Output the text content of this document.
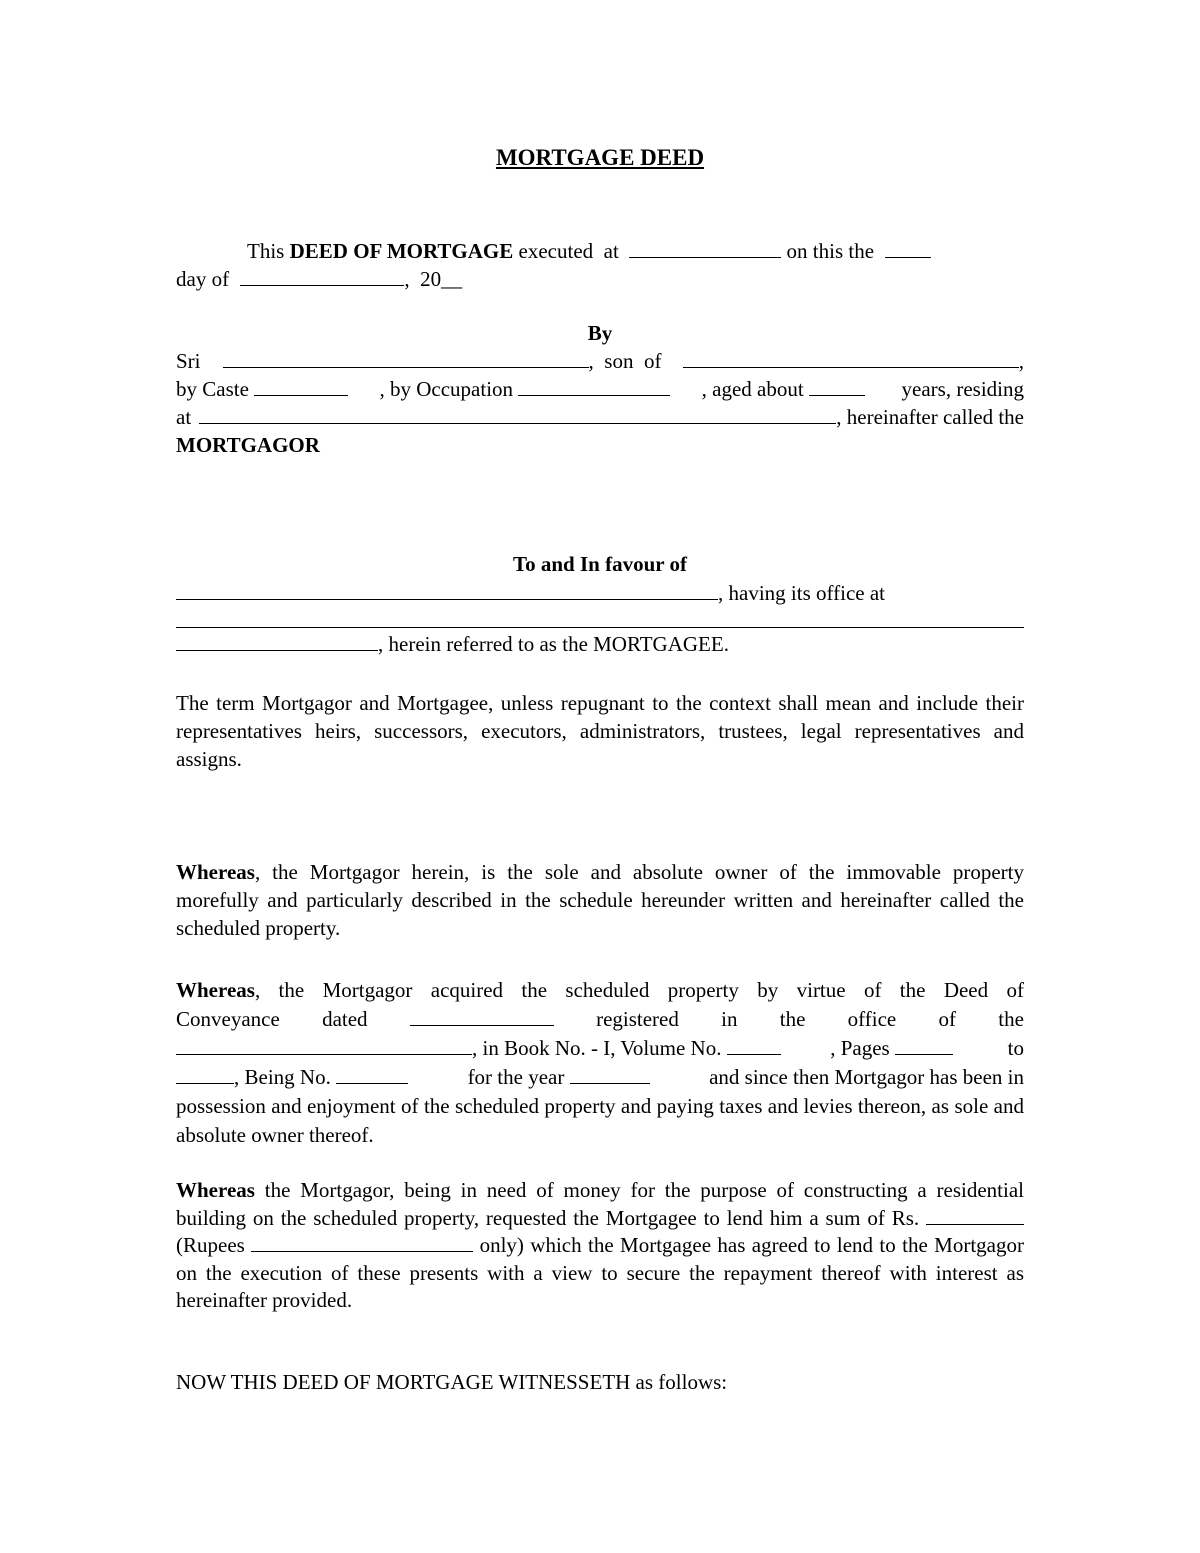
MORTGAGE DEED
This DEED OF MORTGAGE executed  at	on this the
day of	,  20__
By
Sri	,  son  of	,
by Caste	, by Occupation	, aged about	years, residing
at	, hereinafter called the
MORTGAGOR
To and In favour of
, having its office at
, herein referred to as the MORTGAGEE.
The term Mortgagor and Mortgagee, unless repugnant to the context shall mean and include their representatives heirs, successors, executors, administrators, trustees, legal representatives and assigns.
Whereas, the Mortgagor herein, is the sole and absolute owner of the immovable property morefully and particularly described in the schedule hereunder written and hereinafter called the scheduled property.
Whereas, the Mortgagor acquired the scheduled property by virtue of the Deed of
Conveyance dated	registered in the office of the
, in Book No. - I, Volume No.	, Pages	to
, Being No.	for the year	and since then Mortgagor has been in
possession and enjoyment of the scheduled property and paying taxes and levies thereon, as sole and absolute owner thereof.
Whereas the Mortgagor, being in need of money for the purpose of constructing a residential building on the scheduled property, requested the Mortgagee to lend him a sum of Rs.  (Rupees	only) which the Mortgagee has agreed to lend to the Mortgagor on the execution of these presents with a view to secure the repayment thereof with interest as hereinafter provided.
NOW THIS DEED OF MORTGAGE WITNESSETH as follows:
